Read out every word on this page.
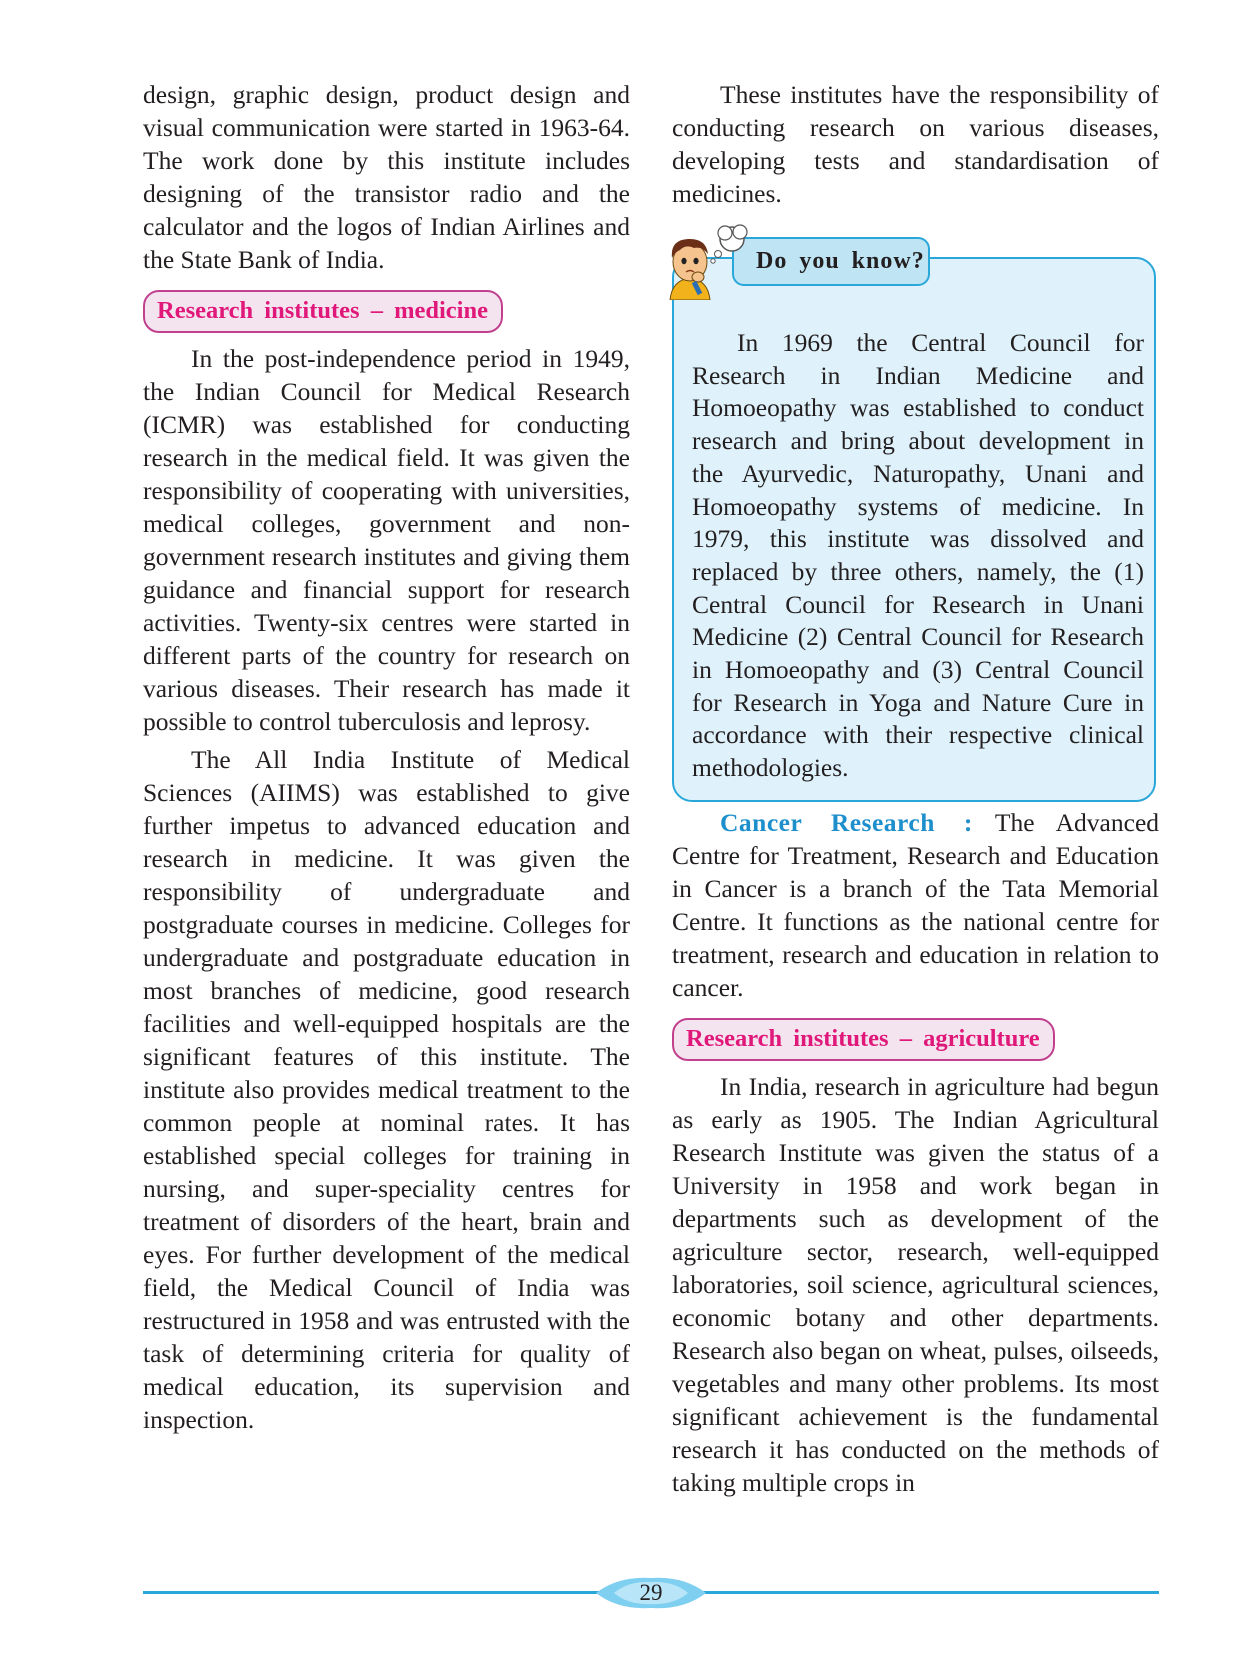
design, graphic design, product design and visual communication were started in 1963-64. The work done by this institute includes designing of the transistor radio and the calculator and the logos of Indian Airlines and the State Bank of India.

Research institutes – medicine

In the post-independence period in 1949, the Indian Council for Medical Research (ICMR) was established for conducting research in the medical field. It was given the responsibility of cooperating with universities, medical colleges, government and non-government research institutes and giving them guidance and financial support for research activities. Twenty-six centres were started in different parts of the country for research on various diseases. Their research has made it possible to control tuberculosis and leprosy.

The All India Institute of Medical Sciences (AIIMS) was established to give further impetus to advanced education and research in medicine. It was given the responsibility of undergraduate and postgraduate courses in medicine. Colleges for undergraduate and postgraduate education in most branches of medicine, good research facilities and well-equipped hospitals are the significant features of this institute. The institute also provides medical treatment to the common people at nominal rates. It has established special colleges for training in nursing, and super-speciality centres for treatment of disorders of the heart, brain and eyes. For further development of the medical field, the Medical Council of India was restructured in 1958 and was entrusted with the task of determining criteria for quality of medical education, its supervision and inspection.

These institutes have the responsibility of conducting research on various diseases, developing tests and standardisation of medicines.

In 1969 the Central Council for Research in Indian Medicine and Homoeopathy was established to conduct research and bring about development in the Ayurvedic, Naturopathy, Unani and Homoeopathy systems of medicine. In 1979, this institute was dissolved and replaced by three others, namely, the (1) Central Council for Research in Unani Medicine (2) Central Council for Research in Homoeopathy and (3) Central Council for Research in Yoga and Nature Cure in accordance with their respective clinical methodologies.

Do you know?

Cancer Research : The Advanced Centre for Treatment, Research and Education in Cancer is a branch of the Tata Memorial Centre. It functions as the national centre for treatment, research and education in relation to cancer.

Research institutes – agriculture

In India, research in agriculture had begun as early as 1905. The Indian Agricultural Research Institute was given the status of a University in 1958 and work began in departments such as development of the agriculture sector, research, well-equipped laboratories, soil science, agricultural sciences, economic botany and other departments. Research also began on wheat, pulses, oilseeds, vegetables and many other problems. Its most significant achievement is the fundamental research it has conducted on the methods of taking multiple crops in

29
